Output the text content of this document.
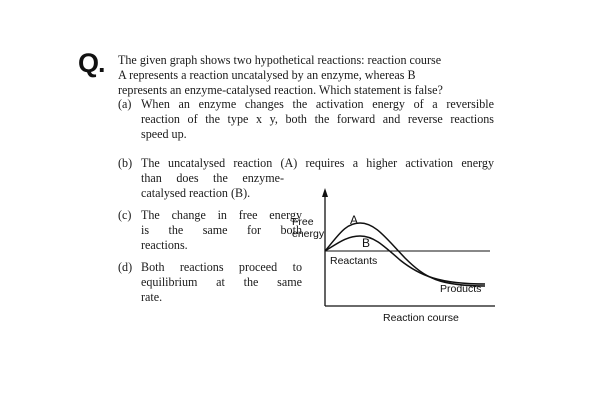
Q. The given graph shows two hypothetical reactions: reaction course
A represents a reaction uncatalysed by an enzyme, whereas B
represents an enzyme-catalysed reaction. Which statement is false?
(a) When an enzyme changes the activation energy of a reversible
reaction of the type x y, both the forward and reverse reactions
speed up.
(b) The uncatalysed reaction (A) requires a higher activation energy
than does the enzyme-
catalysed reaction (B).
(c) The change in free energy
is the same for both
reactions.
(d) Both reactions proceed to
equilibrium at the same
rate.
Free
energy
A
B
Reactants
Products
Reaction course
